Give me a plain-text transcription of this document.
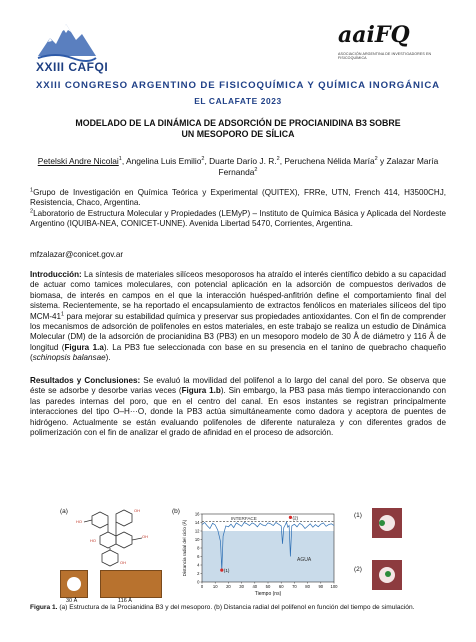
XXIII CAFQI
aaiFQ
ASOCIACIÓN ARGENTINA DE INVESTIGADORES EN FISICOQUÍMICA
XXIII CONGRESO ARGENTINO DE FISICOQUÍMICA Y QUÍMICA INORGÁNICA
EL CALAFATE 2023
MODELADO DE LA DINÁMICA DE ADSORCIÓN DE PROCIANIDINA B3 SOBRE
UN MESOPORO DE SÍLICA
Petelski Andre Nicolai$^1$, Angelina Luis Emilio$^2$, Duarte Darío J. R.$^2$, Peruchena Nélida María$^2$ y Zalazar María Fernanda$^2$
$^1$Grupo de Investigación en Química Teórica y Experimental (QUITEX), FRRe, UTN, French 414, H3500CHJ, Resistencia, Chaco, Argentina.
$^2$Laboratorio de Estructura Molecular y Propiedades (LEMyP) – Instituto de Química Básica y Aplicada del Nordeste Argentino (IQUIBA-NEA, CONICET-UNNE). Avenida Libertad 5470, Corrientes, Argentina.
mfzalazar@conicet.gov.ar
Introducción: La síntesis de materiales silíceos mesoporosos ha atraído el interés científico debido a su capacidad de actuar como tamices moleculares, con potencial aplicación en la adsorción de compuestos derivados de biomasa, de interés en campos en el que la interacción huésped-anfitrión define el comportamiento final del sistema. Recientemente, se ha reportado el encapsulamiento de extractos fenólicos en materiales silíceos del tipo MCM-$41^1$ para mejorar su estabilidad química y preservar sus propiedades antioxidantes. Con el fin de comprender los mecanismos de adsorción de polifenoles en estos materiales, en este trabajo se realiza un estudio de Dinámica Molecular (DM) de la adsorción de procianidina B3 (PB3) en un mesoporo modelo de 30 Å de diámetro y 116 Å de longitud (Figura 1.a). La PB3 fue seleccionada con base en su presencia en el tanino de quebracho chaqueño (schinopsis balansae).
Resultados y Conclusiones: Se evaluó la movilidad del polifenol a lo largo del canal del poro. Se observa que éste se adsorbe y desorbe varias veces (Figura 1.b). Sin embargo, la PB3 pasa más tiempo interaccionando con las paredes internas del poro, que en el centro del canal. En esos instantes se registran principalmente interacciones del tipo O–H···O, donde la PB3 actúa simultáneamente como dadora y aceptora de puentes de hidrógeno. Actualmente se están evaluando polifenoles de diferente naturaleza y con diferentes grados de polimerización con el fin de analizar el grado de afinidad en el proceso de adsorción.
(a)
HO
OH
OH
HO
OH
30 Å	116 Å
(b)
AGUA
INTERFACE
(1)
(2)
0 10 20 30 40 50 60 70 80 90 100
0
2
4
6
8
10
12
14
16
Tiempo (ns)
Distancia radial del ciclo (Å)
(1)
(2)
Figura 1. (a) Estructura de la Procianidina B3 y del mesoporo. (b) Distancia radial del polifenol en función del tiempo de simulación.
